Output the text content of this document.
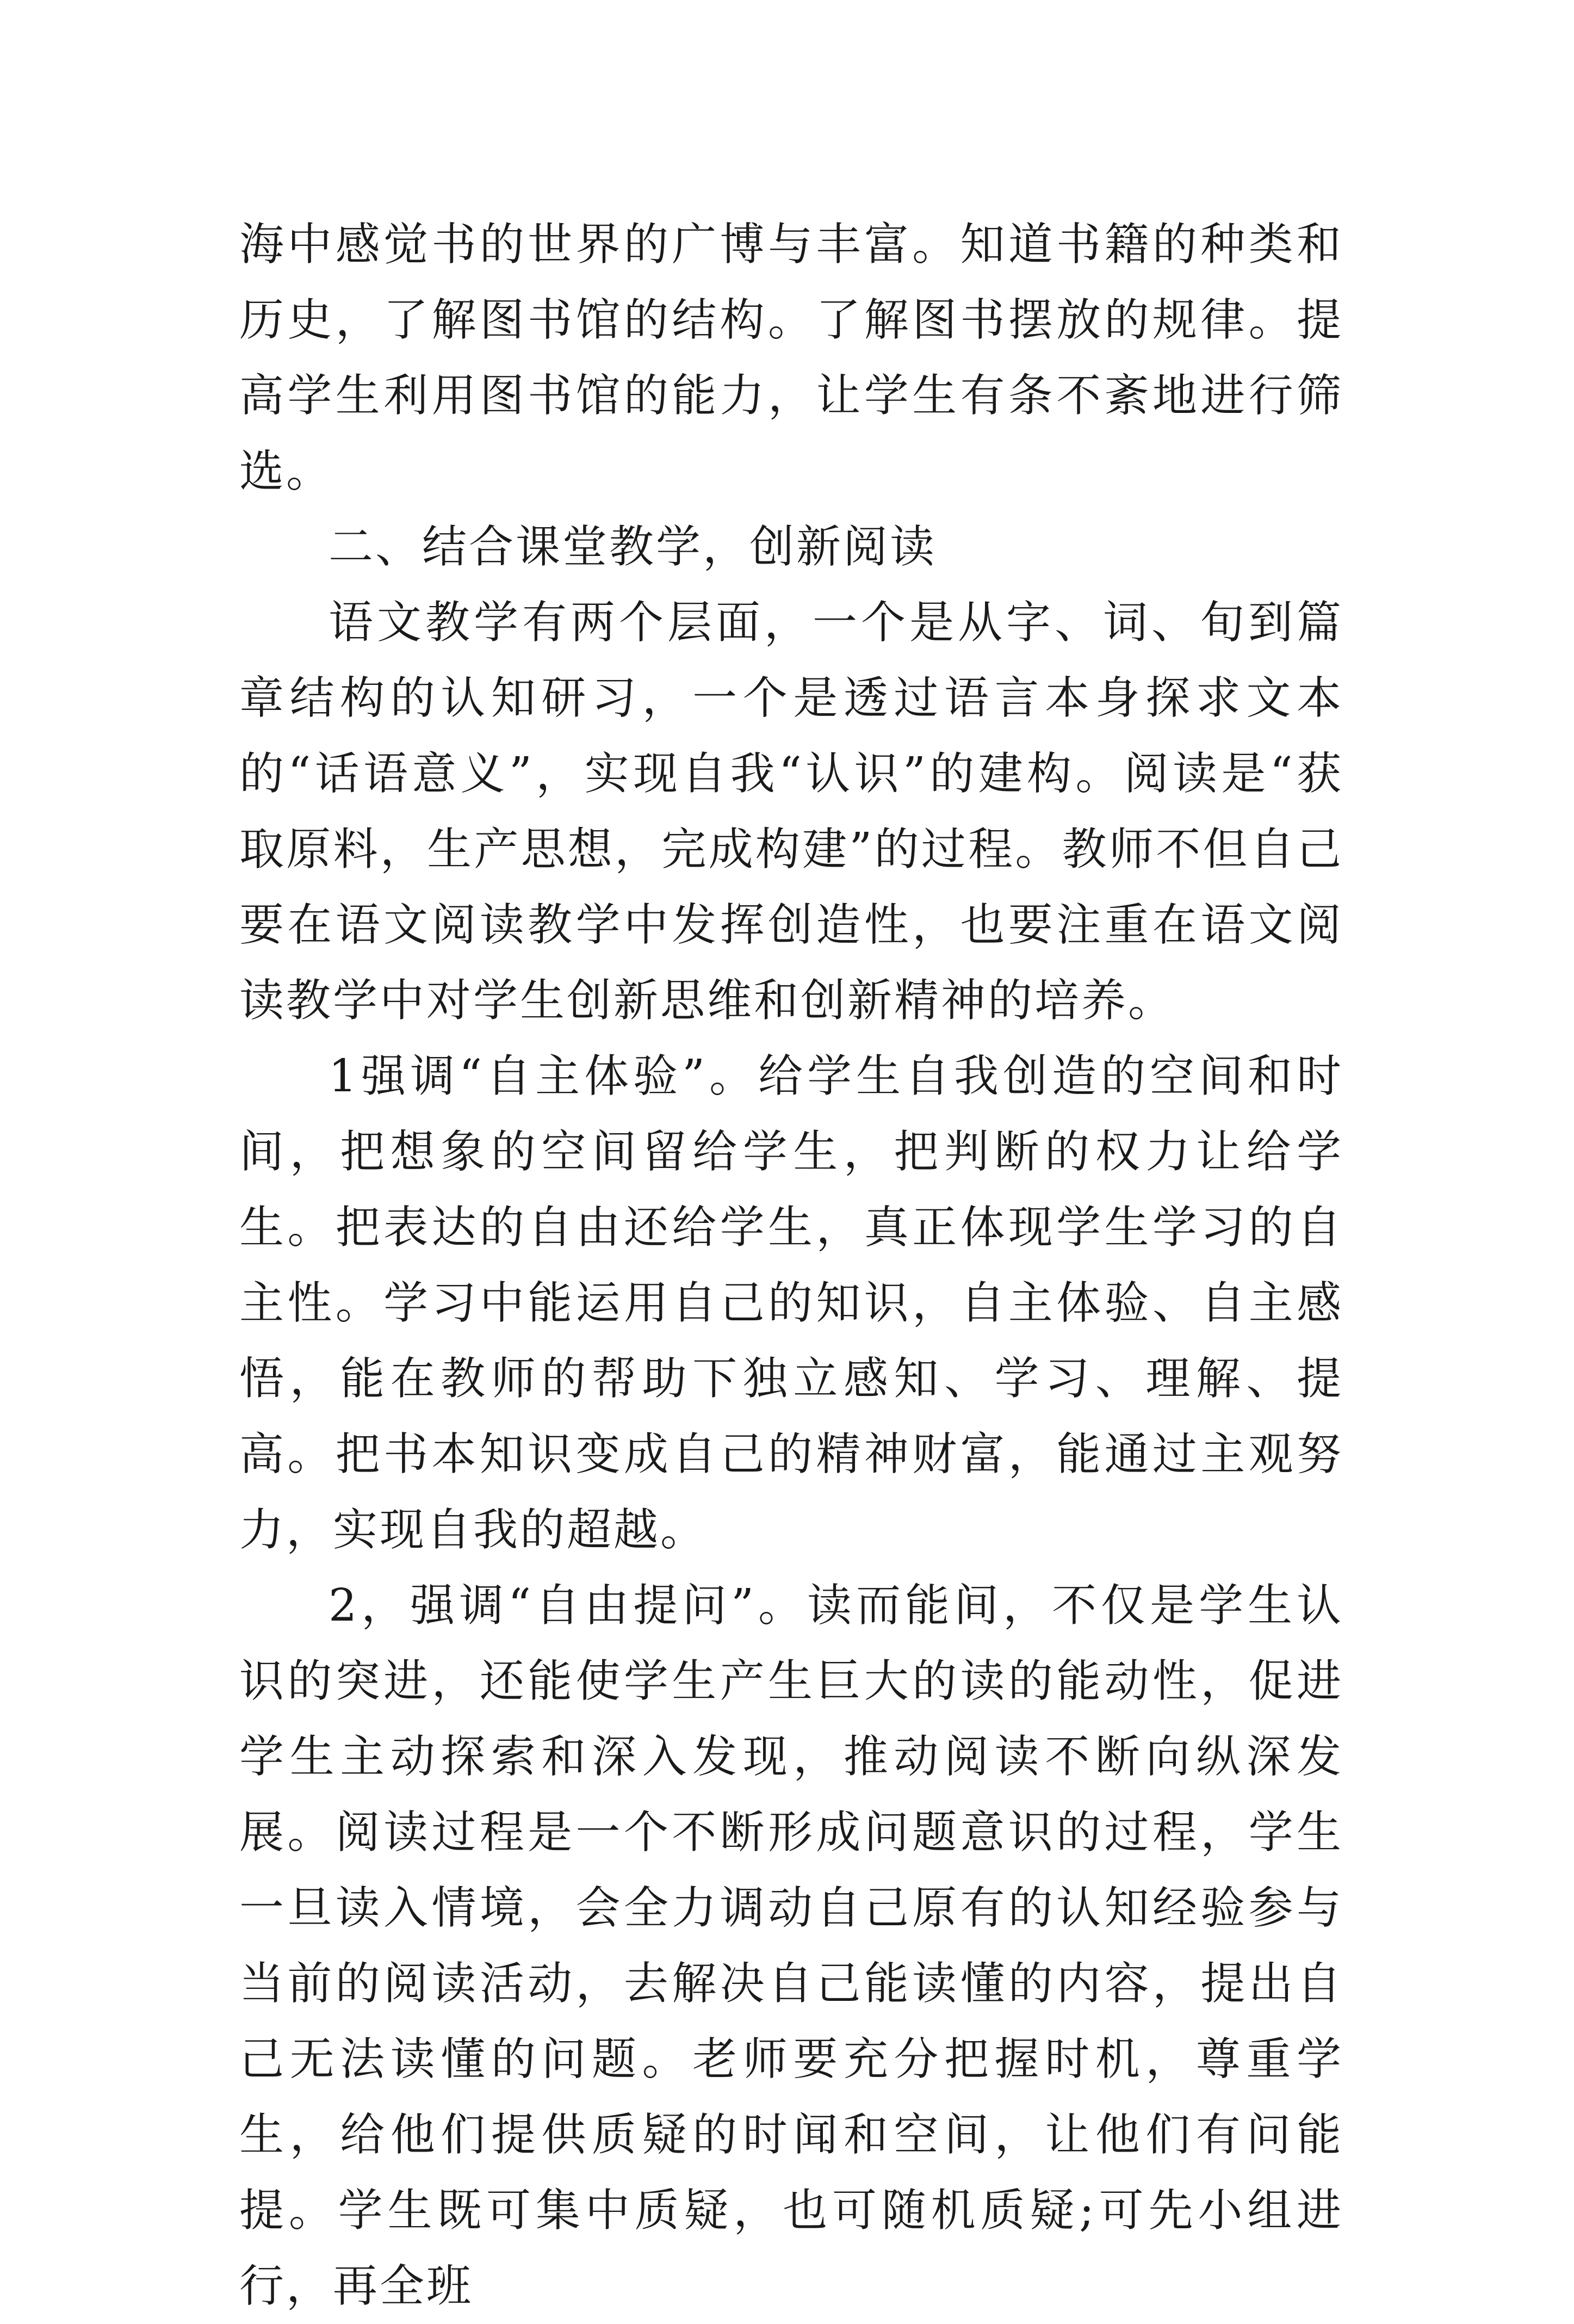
海中感觉书的世界的广博与丰富。知道书籍的种类和历史，了解图书馆的结构。了解图书摆放的规律。提高学生利用图书馆的能力，让学生有条不紊地进行筛选。

二、结合课堂教学，创新阅读

语文教学有两个层面，一个是从字、词、旬到篇章结构的认知研习，一个是透过语言本身探求文本的“话语意义”，实现自我“认识”的建构。阅读是“获取原料，生产思想，完成构建”的过程。教师不但自己要在语文阅读教学中发挥创造性，也要注重在语文阅读教学中对学生创新思维和创新精神的培养。

1强调“自主体验”。给学生自我创造的空间和时间，把想象的空间留给学生，把判断的权力让给学生。把表达的自由还给学生，真正体现学生学习的自主性。学习中能运用自己的知识，自主体验、自主感悟，能在教师的帮助下独立感知、学习、理解、提高。把书本知识变成自己的精神财富，能通过主观努力，实现自我的超越。

2，强调“自由提问”。读而能间，不仅是学生认识的突进，还能使学生产生巨大的读的能动性，促进学生主动探索和深入发现，推动阅读不断向纵深发展。阅读过程是一个不断形成问题意识的过程，学生一旦读入情境，会全力调动自己原有的认知经验参与当前的阅读活动，去解决自己能读懂的内容，提出自己无法读懂的问题。老师要充分把握时机，尊重学生，给他们提供质疑的时闻和空间，让他们有问能提。学生既可集中质疑，也可随机质疑;可先小组进行，再全班
